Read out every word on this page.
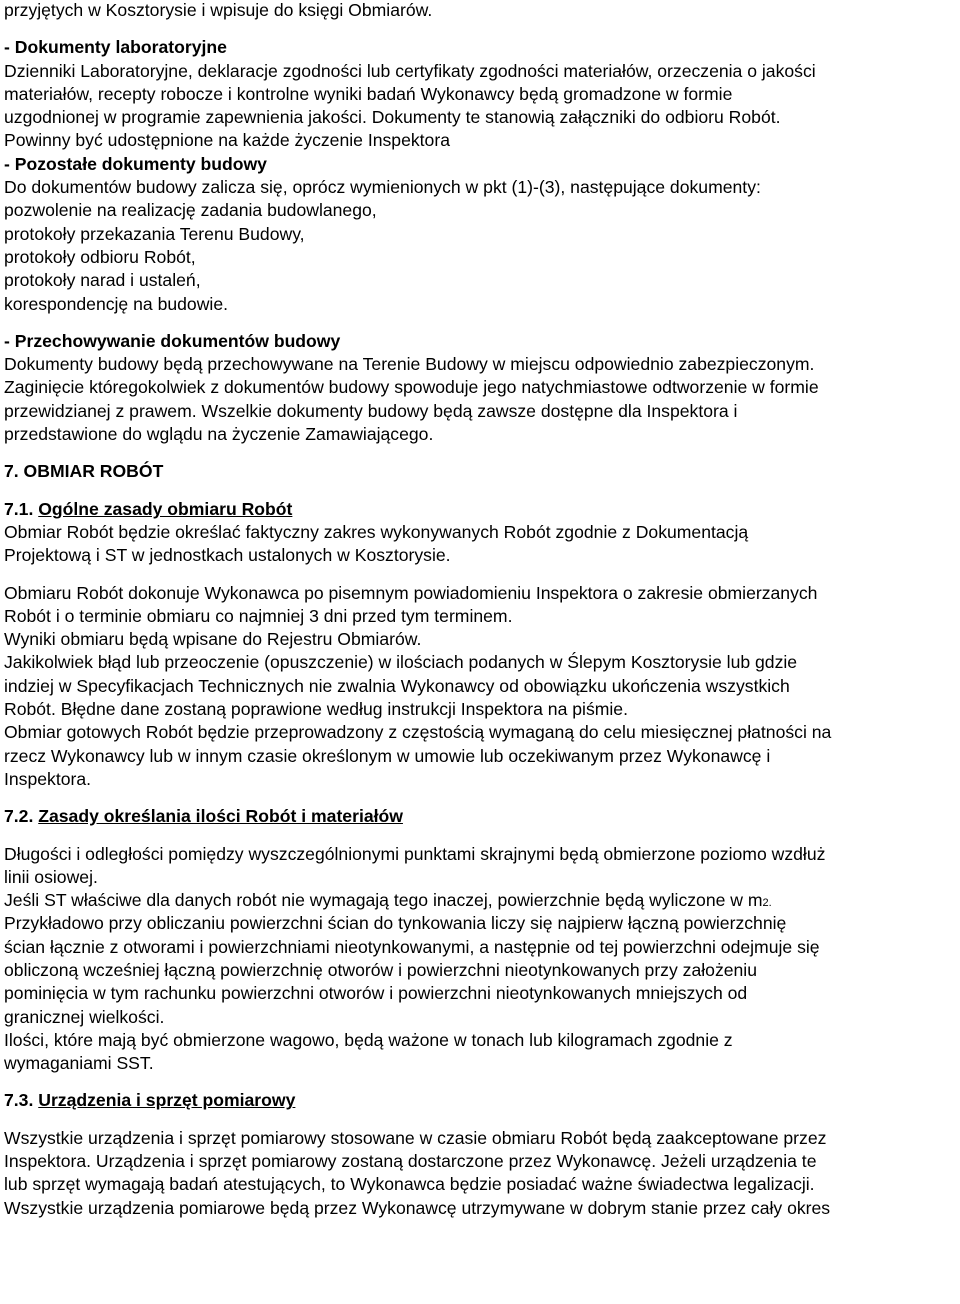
przyjętych w Kosztorysie i wpisuje do księgi Obmiarów.
- Dokumenty laboratoryjne
Dzienniki Laboratoryjne, deklaracje zgodności lub certyfikaty zgodności materiałów, orzeczenia o jakości
materiałów, recepty robocze i kontrolne wyniki badań Wykonawcy będą gromadzone w formie
uzgodnionej w programie zapewnienia jakości. Dokumenty te stanowią załączniki do odbioru Robót.
Powinny być udostępnione na każde życzenie Inspektora
- Pozostałe dokumenty budowy
Do dokumentów budowy zalicza się, oprócz wymienionych w pkt (1)-(3), następujące dokumenty:
pozwolenie na realizację zadania budowlanego,
protokoły przekazania Terenu Budowy,
protokoły odbioru Robót,
protokoły narad i ustaleń,
korespondencję na budowie.
- Przechowywanie dokumentów budowy
Dokumenty budowy będą przechowywane na Terenie Budowy w miejscu odpowiednio zabezpieczonym.
Zaginięcie któregokolwiek z dokumentów budowy spowoduje jego natychmiastowe odtworzenie w formie
przewidzianej z prawem. Wszelkie dokumenty budowy będą zawsze dostępne dla Inspektora i
przedstawione do wglądu na życzenie Zamawiającego.
7. OBMIAR ROBÓT
7.1. Ogólne zasady obmiaru Robót
Obmiar Robót będzie określać faktyczny zakres wykonywanych Robót zgodnie z Dokumentacją
Projektową i ST w jednostkach ustalonych w Kosztorysie.
Obmiaru Robót dokonuje Wykonawca po pisemnym powiadomieniu Inspektora o zakresie obmierzanych
Robót i o terminie obmiaru co najmniej 3 dni przed tym terminem.
Wyniki obmiaru będą wpisane do Rejestru Obmiarów.
Jakikolwiek błąd lub przeoczenie (opuszczenie) w ilościach podanych w Ślepym Kosztorysie lub gdzie
indziej w Specyfikacjach Technicznych nie zwalnia Wykonawcy od obowiązku ukończenia wszystkich
Robót. Błędne dane zostaną poprawione według instrukcji Inspektora na piśmie.
Obmiar gotowych Robót będzie przeprowadzony z częstością wymaganą do celu miesięcznej płatności na
rzecz Wykonawcy lub w innym czasie określonym w umowie lub oczekiwanym przez Wykonawcę i
Inspektora.
7.2. Zasady określania ilości Robót i materiałów
Długości i odległości pomiędzy wyszczególnionymi punktami skrajnymi będą obmierzone poziomo wzdłuż
linii osiowej.
Jeśli ST właściwe dla danych robót nie wymagają tego inaczej, powierzchnie będą wyliczone w m2.
Przykładowo przy obliczaniu powierzchni ścian do tynkowania liczy się najpierw łączną powierzchnię
ścian łącznie z otworami i powierzchniami nieotynkowanymi, a następnie od tej powierzchni odejmuje się
obliczoną wcześniej łączną powierzchnię otworów i powierzchni nieotynkowanych przy założeniu
pominięcia w tym rachunku powierzchni otworów i powierzchni nieotynkowanych mniejszych od
granicznej wielkości.
Ilości, które mają być obmierzone wagowo, będą ważone w tonach lub kilogramach zgodnie z
wymaganiami SST.
7.3. Urządzenia i sprzęt pomiarowy
Wszystkie urządzenia i sprzęt pomiarowy stosowane w czasie obmiaru Robót będą zaakceptowane przez
Inspektora. Urządzenia i sprzęt pomiarowy zostaną dostarczone przez Wykonawcę. Jeżeli urządzenia te
lub sprzęt wymagają badań atestujących, to Wykonawca będzie posiadać ważne świadectwa legalizacji.
Wszystkie urządzenia pomiarowe będą przez Wykonawcę utrzymywane w dobrym stanie przez cały okres
